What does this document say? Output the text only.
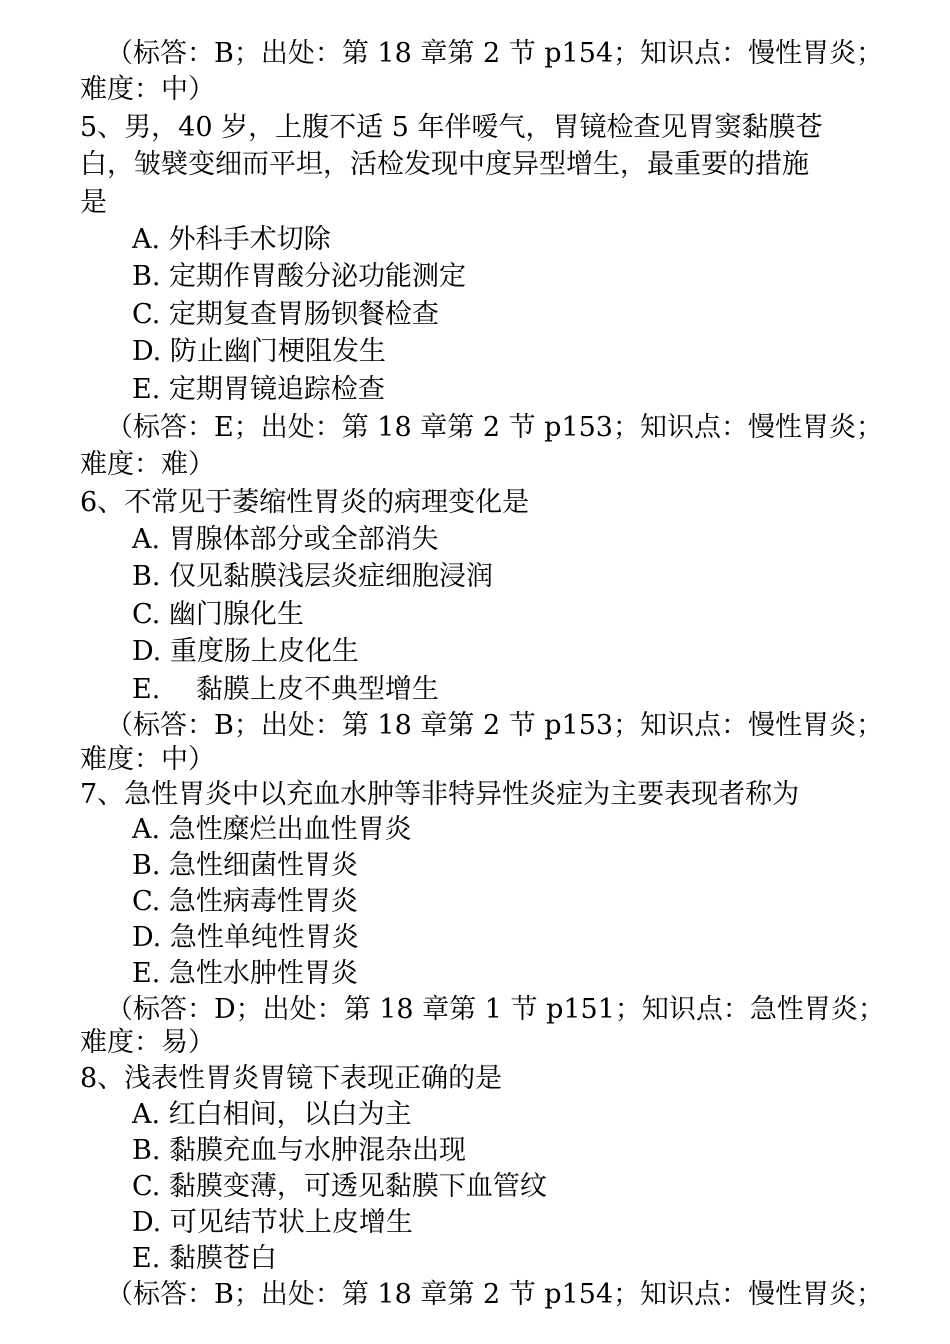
（标答：B；出处：第 18 章第 2 节 p154；知识点：慢性胃炎；
难度：中）
5、男，40 岁，上腹不适 5 年伴嗳气，胃镜检查见胃窦黏膜苍
白，皱襞变细而平坦，活检发现中度异型增生，最重要的措施
是
A. 外科手术切除
B. 定期作胃酸分泌功能测定
C. 定期复查胃肠钡餐检查
D. 防止幽门梗阻发生
E. 定期胃镜追踪检查
（标答：E；出处：第 18 章第 2 节 p153；知识点：慢性胃炎；
难度：难）
6、不常见于萎缩性胃炎的病理变化是
A. 胃腺体部分或全部消失
B. 仅见黏膜浅层炎症细胞浸润
C. 幽门腺化生
D. 重度肠上皮化生
E.　 黏膜上皮不典型增生
（标答：B；出处：第 18 章第 2 节 p153；知识点：慢性胃炎；
难度：中）
7、急性胃炎中以充血水肿等非特异性炎症为主要表现者称为
A. 急性糜烂出血性胃炎
B. 急性细菌性胃炎
C. 急性病毒性胃炎
D. 急性单纯性胃炎
E. 急性水肿性胃炎
（标答：D；出处：第 18 章第 1 节 p151；知识点：急性胃炎；
难度：易）
8、浅表性胃炎胃镜下表现正确的是
A. 红白相间，以白为主
B. 黏膜充血与水肿混杂出现
C. 黏膜变薄，可透见黏膜下血管纹
D. 可见结节状上皮增生
E. 黏膜苍白
（标答：B；出处：第 18 章第 2 节 p154；知识点：慢性胃炎；
